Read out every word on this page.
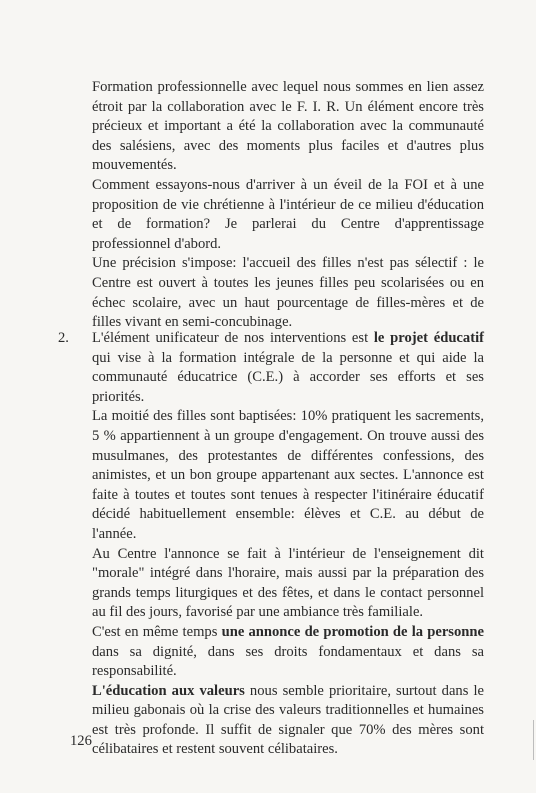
Formation professionnelle avec lequel nous sommes en lien assez étroit par la collaboration avec le F. I. R. Un élément encore très précieux et important a été la collaboration avec la communauté des salésiens, avec des moments plus faciles et d'autres plus mouvementés.

Comment essayons-nous d'arriver à un éveil de la FOI et à une proposition de vie chrétienne à l'intérieur de ce milieu d'éducation et de formation? Je parlerai du Centre d'apprentissage professionnel d'abord.

Une précision s'impose: l'accueil des filles n'est pas sélectif : le Centre est ouvert à toutes les jeunes filles peu scolarisées ou en échec scolaire, avec un haut pourcentage de filles-mères et de filles vivant en semi-concubinage.

2. L'élément unificateur de nos interventions est le projet éducatif qui vise à la formation intégrale de la personne et qui aide la communauté éducatrice (C.E.) à accorder ses efforts et ses priorités.

La moitié des filles sont baptisées: 10% pratiquent les sacrements, 5 % appartiennent à un groupe d'engagement. On trouve aussi des musulmanes, des protestantes de différentes confessions, des animistes, et un bon groupe appartenant aux sectes. L'annonce est faite à toutes et toutes sont tenues à respecter l'itinéraire éducatif décidé habituellement ensemble: élèves et C.E. au début de l'année.

Au Centre l'annonce se fait à l'intérieur de l'enseignement dit "morale" intégré dans l'horaire, mais aussi par la préparation des grands temps liturgiques et des fêtes, et dans le contact personnel au fil des jours, favorisé par une ambiance très familiale.

C'est en même temps une annonce de promotion de la personne dans sa dignité, dans ses droits fondamentaux et dans sa responsabilité.

L'éducation aux valeurs nous semble prioritaire, surtout dans le milieu gabonais où la crise des valeurs traditionnelles et humaines est très profonde. Il suffit de signaler que 70% des mères sont célibataires et restent souvent célibataires.

126
